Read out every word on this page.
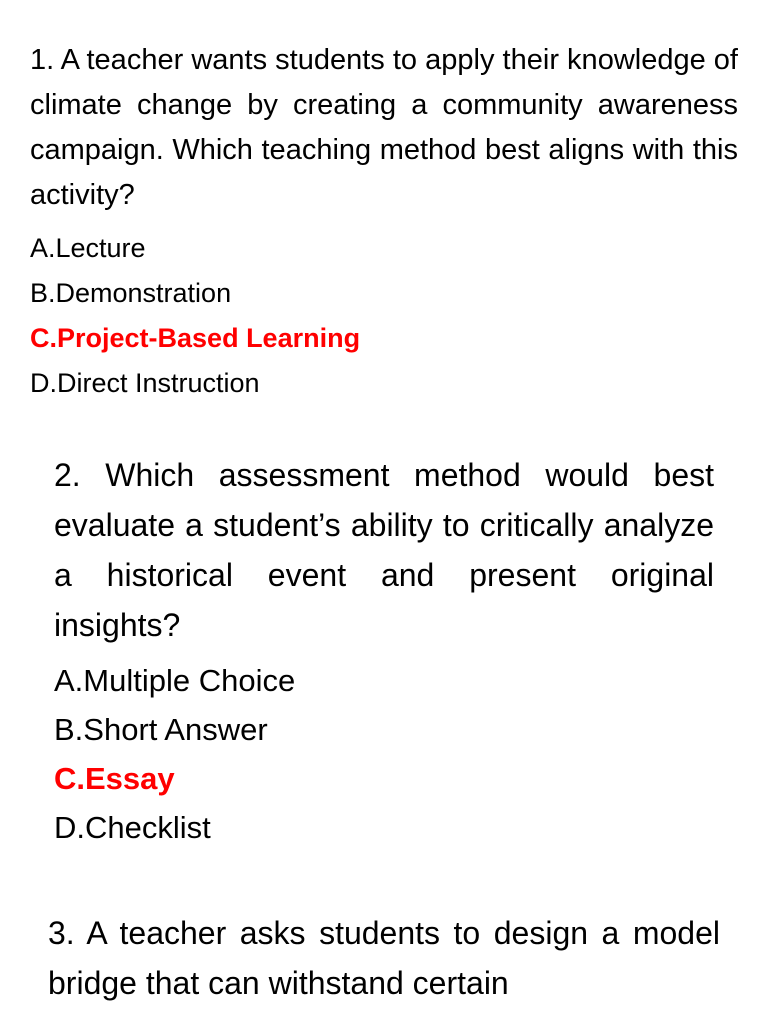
1. A teacher wants students to apply their knowledge of climate change by creating a community awareness campaign. Which teaching method best aligns with this activity?

A.Lecture
B.Demonstration
C.Project-Based Learning
D.Direct Instruction

2. Which assessment method would best evaluate a student’s ability to critically analyze a historical event and present original insights?

A.Multiple Choice
B.Short Answer
C.Essay
D.Checklist

3. A teacher asks students to design a model bridge that can withstand certain
